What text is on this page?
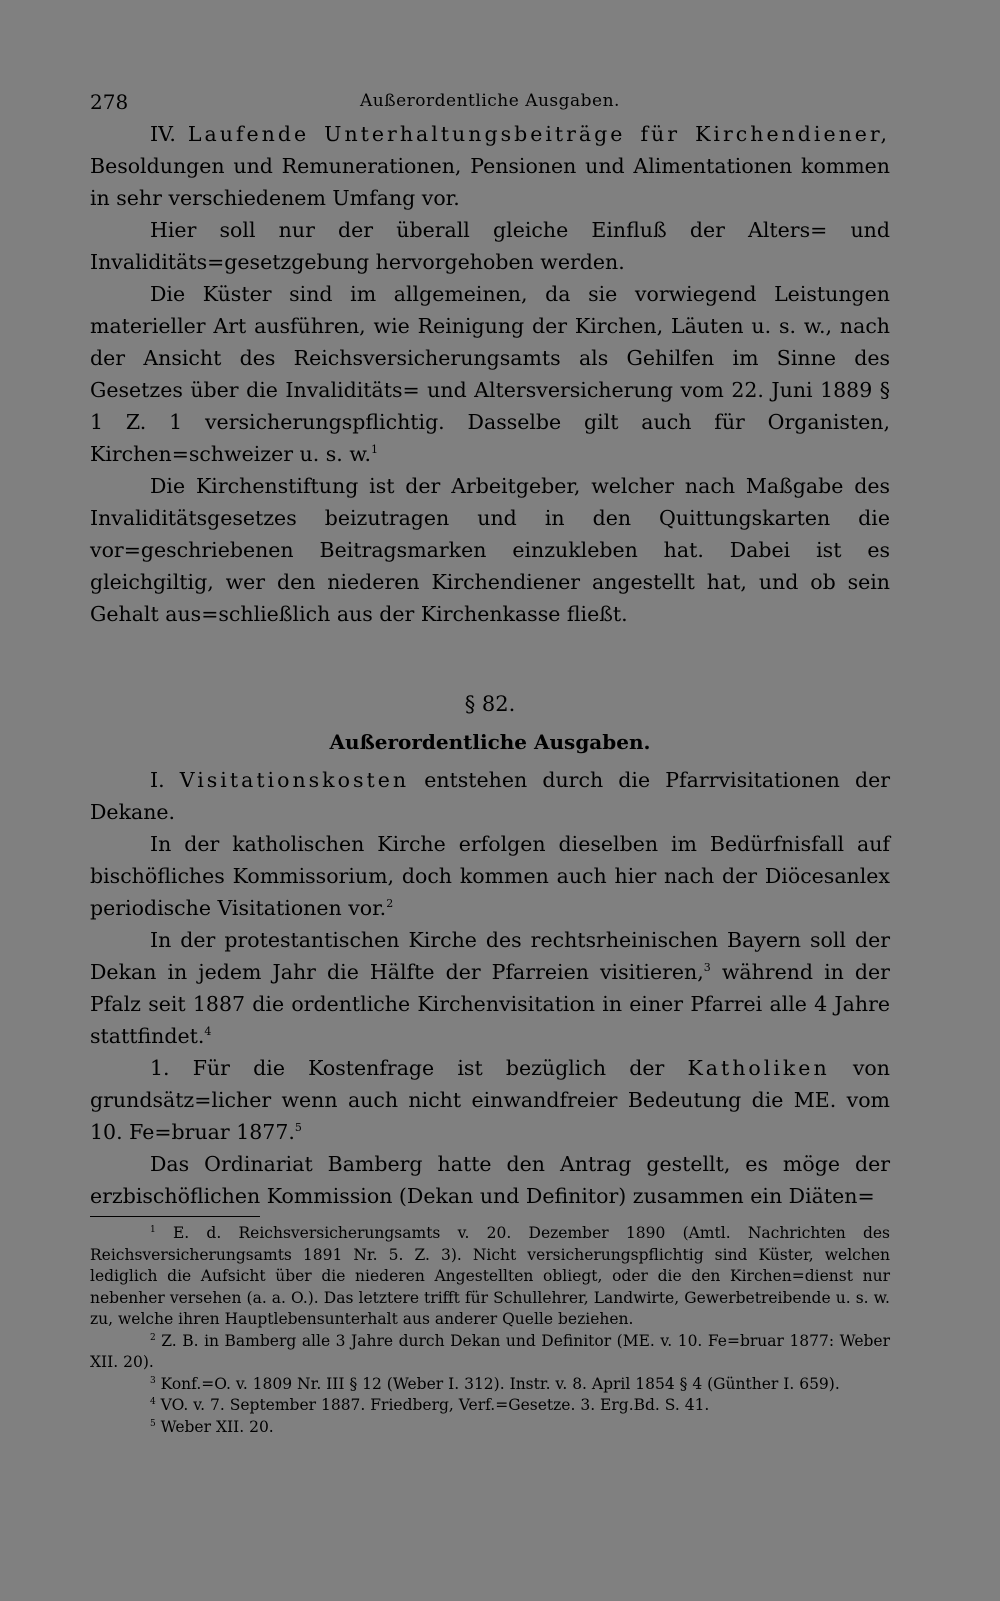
278	Außerordentliche Ausgaben.

IV. Laufende Unterhaltungsbeiträge für Kirchendiener, Besoldungen und Remunerationen, Pensionen und Alimentationen kommen in sehr verschiedenem Umfang vor.

Hier soll nur der überall gleiche Einfluß der Alters= und Invaliditäts=gesetzgebung hervorgehoben werden.

Die Küster sind im allgemeinen, da sie vorwiegend Leistungen materieller Art ausführen, wie Reinigung der Kirchen, Läuten u. s. w., nach der Ansicht des Reichsversicherungsamts als Gehilfen im Sinne des Gesetzes über die Invaliditäts= und Altersversicherung vom 22. Juni 1889 § 1 Z. 1 versicherungspflichtig. Dasselbe gilt auch für Organisten, Kirchen=schweizer u. s. w.$^1$

Die Kirchenstiftung ist der Arbeitgeber, welcher nach Maßgabe des Invaliditätsgesetzes beizutragen und in den Quittungskarten die vor=geschriebenen Beitragsmarken einzukleben hat. Dabei ist es gleichgiltig, wer den niederen Kirchendiener angestellt hat, und ob sein Gehalt aus=schließlich aus der Kirchenkasse fließt.

§ 82.
Außerordentliche Ausgaben.

I. Visitationskosten entstehen durch die Pfarrvisitationen der Dekane.

In der katholischen Kirche erfolgen dieselben im Bedürfnisfall auf bischöfliches Kommissorium, doch kommen auch hier nach der Diöcesanlex periodische Visitationen vor.$^2$

In der protestantischen Kirche des rechtsrheinischen Bayern soll der Dekan in jedem Jahr die Hälfte der Pfarreien visitieren,$^3$ während in der Pfalz seit 1887 die ordentliche Kirchenvisitation in einer Pfarrei alle 4 Jahre stattfindet.$^4$

1. Für die Kostenfrage ist bezüglich der Katholiken von grundsätz=licher wenn auch nicht einwandfreier Bedeutung die ME. vom 10. Fe=bruar 1877.$^5$

Das Ordinariat Bamberg hatte den Antrag gestellt, es möge der erzbischöflichen Kommission (Dekan und Definitor) zusammen ein Diäten=

$^1$ E. d. Reichsversicherungsamts v. 20. Dezember 1890 (Amtl. Nachrichten des Reichsversicherungsamts 1891 Nr. 5. Z. 3). Nicht versicherungspflichtig sind Küster, welchen lediglich die Aufsicht über die niederen Angestellten obliegt, oder die den Kirchen=dienst nur nebenher versehen (a. a. O.). Das letztere trifft für Schullehrer, Landwirte, Gewerbetreibende u. s. w. zu, welche ihren Hauptlebensunterhalt aus anderer Quelle beziehen.

$^2$ Z. B. in Bamberg alle 3 Jahre durch Dekan und Definitor (ME. v. 10. Fe=bruar 1877: Weber XII. 20).

$^3$ Konf.=O. v. 1809 Nr. III § 12 (Weber I. 312). Instr. v. 8. April 1854 § 4 (Günther I. 659).

$^4$ VO. v. 7. September 1887. Friedberg, Verf.=Gesetze. 3. Erg.Bd. S. 41.

$^5$ Weber XII. 20.
